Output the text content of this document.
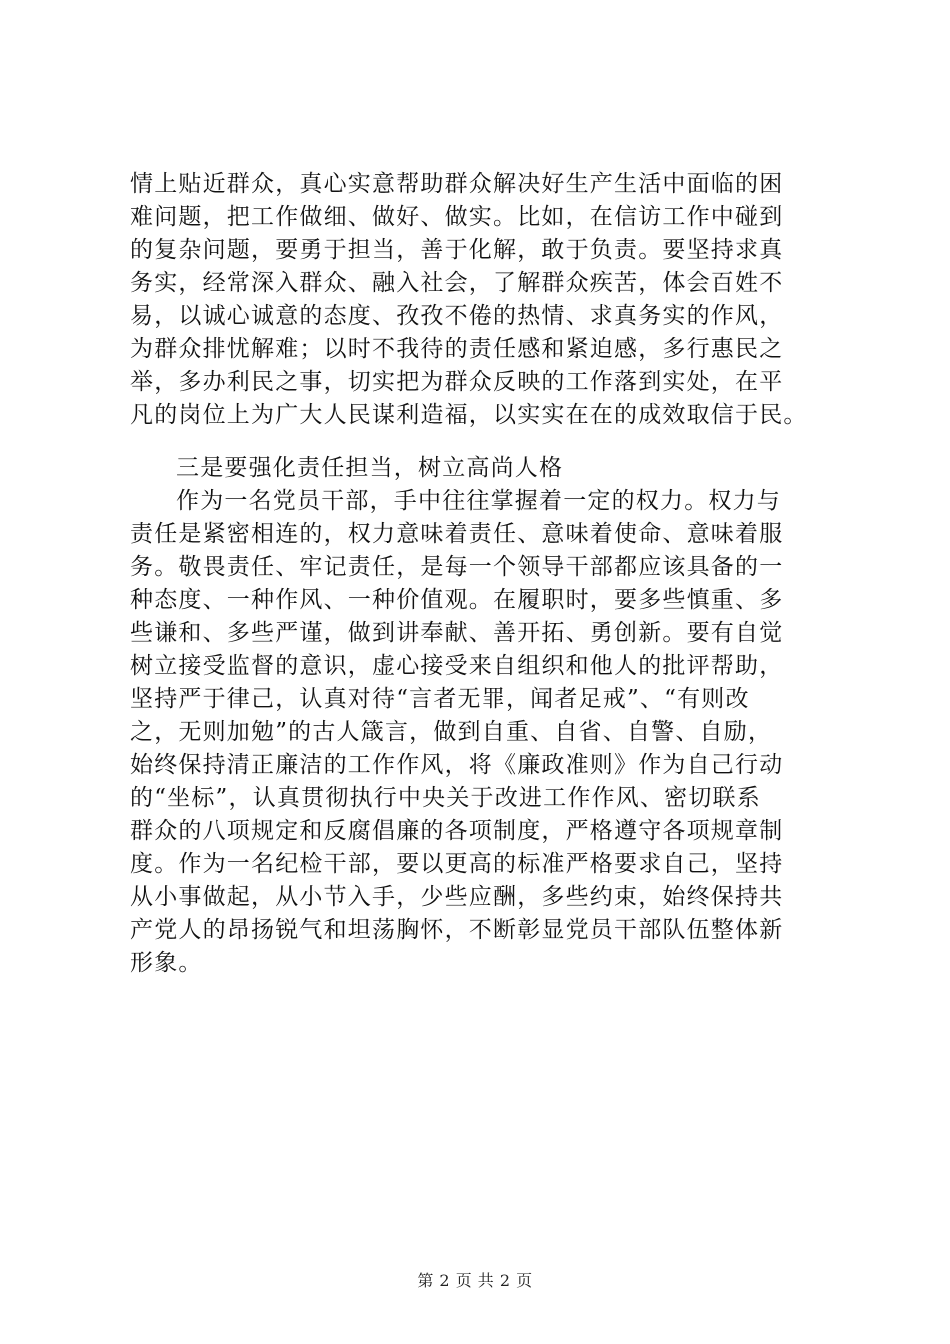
情上贴近群众，真心实意帮助群众解决好生产生活中面临的困
难问题，把工作做细、做好、做实。比如，在信访工作中碰到
的复杂问题，要勇于担当，善于化解，敢于负责。要坚持求真
务实，经常深入群众、融入社会，了解群众疾苦，体会百姓不
易，以诚心诚意的态度、孜孜不倦的热情、求真务实的作风，
为群众排忧解难；以时不我待的责任感和紧迫感，多行惠民之
举，多办利民之事，切实把为群众反映的工作落到实处，在平
凡的岗位上为广大人民谋利造福，以实实在在的成效取信于民。
三是要强化责任担当，树立高尚人格
作为一名党员干部，手中往往掌握着一定的权力。权力与
责任是紧密相连的，权力意味着责任、意味着使命、意味着服
务。敬畏责任、牢记责任，是每一个领导干部都应该具备的一
种态度、一种作风、一种价值观。在履职时，要多些慎重、多
些谦和、多些严谨，做到讲奉献、善开拓、勇创新。要有自觉
树立接受监督的意识，虚心接受来自组织和他人的批评帮助，
坚持严于律己，认真对待“言者无罪，闻者足戒”、“有则改
之，无则加勉”的古人箴言，做到自重、自省、自警、自励，
始终保持清正廉洁的工作作风，将《廉政准则》作为自己行动
的“坐标”，认真贯彻执行中央关于改进工作作风、密切联系
群众的八项规定和反腐倡廉的各项制度，严格遵守各项规章制
度。作为一名纪检干部，要以更高的标准严格要求自己，坚持
从小事做起，从小节入手，少些应酬，多些约束，始终保持共
产党人的昂扬锐气和坦荡胸怀，不断彰显党员干部队伍整体新
形象。
第 2 页 共 2 页
